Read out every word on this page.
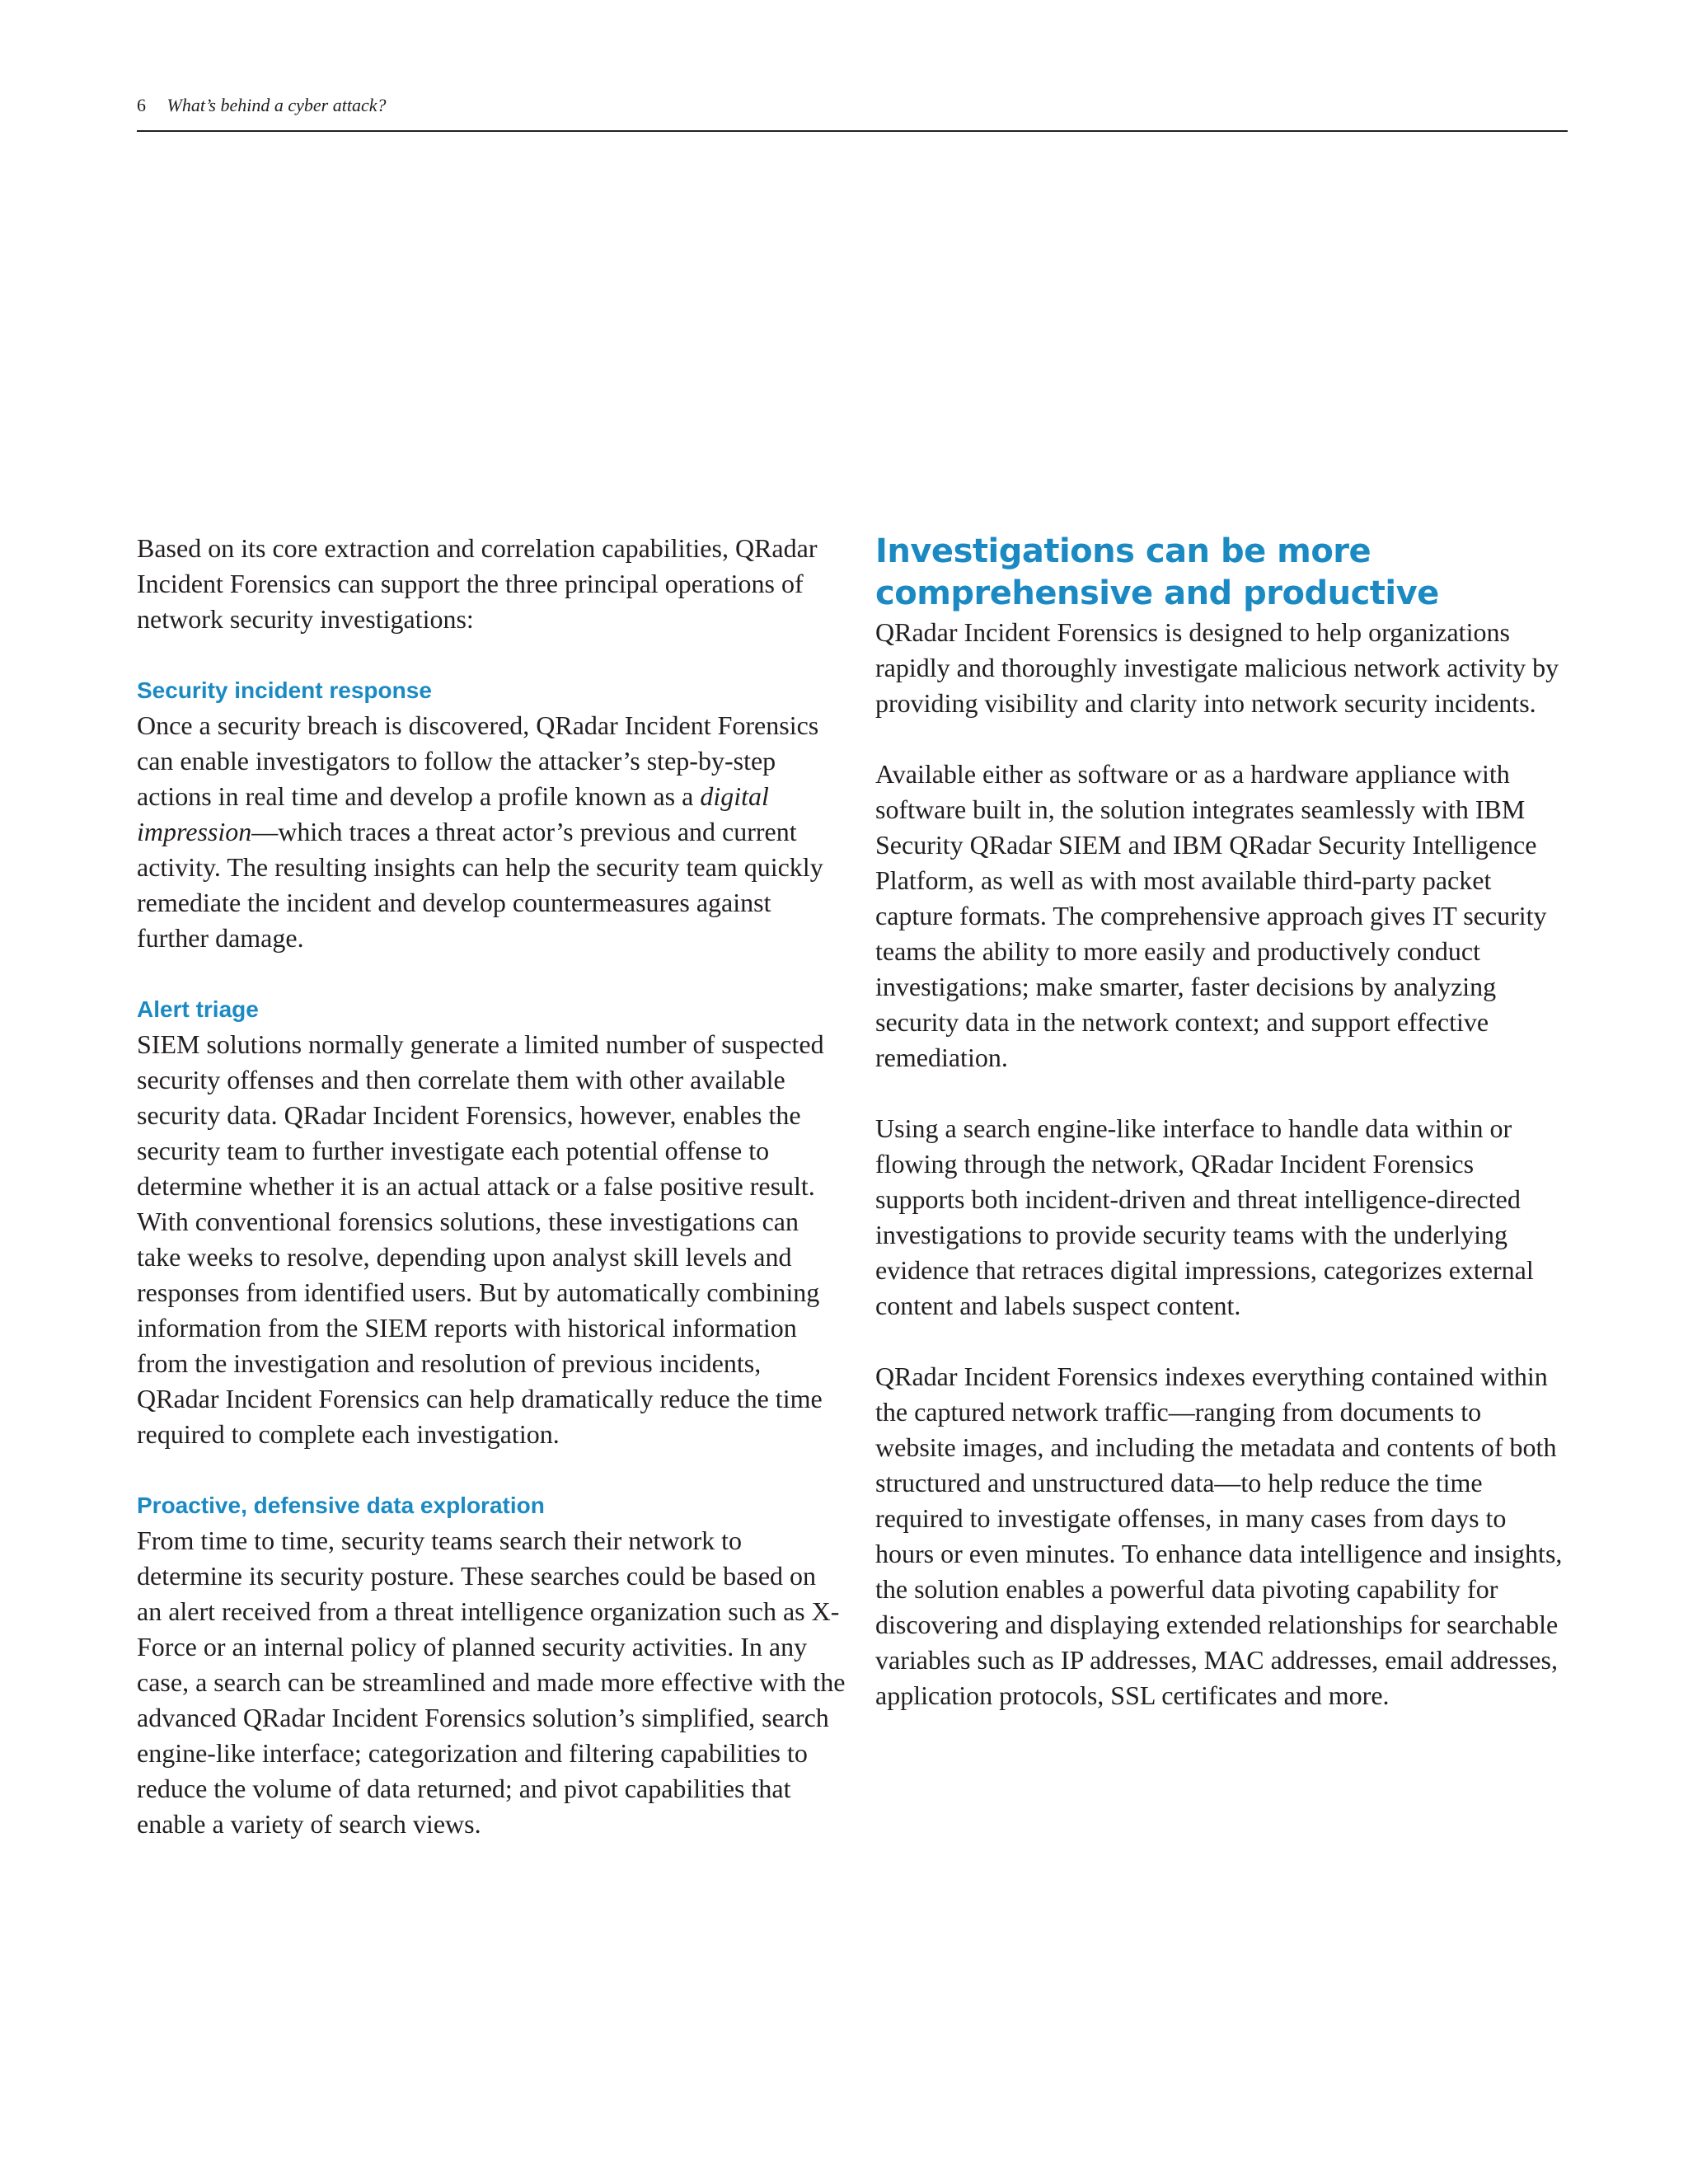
6 What’s behind a cyber attack?

Based on its core extraction and correlation capabilities, QRadar Incident Forensics can support the three principal operations of network security investigations:

Security incident response

Once a security breach is discovered, QRadar Incident Forensics can enable investigators to follow the attacker’s step-by-step actions in real time and develop a profile known as a digital impression—which traces a threat actor’s previous and current activity. The resulting insights can help the security team quickly remediate the incident and develop countermeasures against further damage.

Alert triage

SIEM solutions normally generate a limited number of suspected security offenses and then correlate them with other available security data. QRadar Incident Forensics, however, enables the security team to further investigate each potential offense to determine whether it is an actual attack or a false positive result. With conventional forensics solutions, these investigations can take weeks to resolve, depending upon analyst skill levels and responses from identified users. But by automatically combining information from the SIEM reports with historical information from the investigation and resolution of previous incidents, QRadar Incident Forensics can help dramatically reduce the time required to complete each investigation.

Proactive, defensive data exploration

From time to time, security teams search their network to determine its security posture. These searches could be based on an alert received from a threat intelligence organization such as X-Force or an internal policy of planned security activities. In any case, a search can be streamlined and made more effective with the advanced QRadar Incident Forensics solution’s simplified, search engine-like interface; categorization and filtering capabilities to reduce the volume of data returned; and pivot capabilities that enable a variety of search views.

Investigations can be more
comprehensive and productive

QRadar Incident Forensics is designed to help organizations rapidly and thoroughly investigate malicious network activity by providing visibility and clarity into network security incidents.

Available either as software or as a hardware appliance with software built in, the solution integrates seamlessly with IBM Security QRadar SIEM and IBM QRadar Security Intelligence Platform, as well as with most available third-party packet capture formats. The comprehensive approach gives IT security teams the ability to more easily and productively conduct investigations; make smarter, faster decisions by analyzing security data in the network context; and support effective remediation.

Using a search engine-like interface to handle data within or flowing through the network, QRadar Incident Forensics supports both incident-driven and threat intelligence-directed investigations to provide security teams with the underlying evidence that retraces digital impressions, categorizes external content and labels suspect content.

QRadar Incident Forensics indexes everything contained within the captured network traffic—ranging from documents to website images, and including the metadata and contents of both structured and unstructured data—to help reduce the time required to investigate offenses, in many cases from days to hours or even minutes. To enhance data intelligence and insights, the solution enables a powerful data pivoting capability for discovering and displaying extended relationships for searchable variables such as IP addresses, MAC addresses, email addresses, application protocols, SSL certificates and more.
